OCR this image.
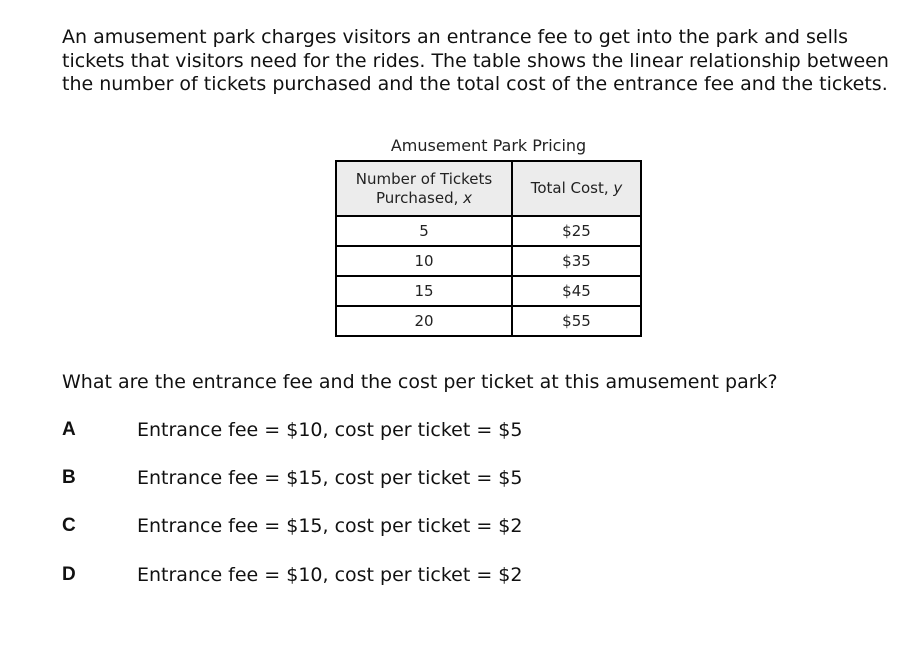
An amusement park charges visitors an entrance fee to get into the park and sells tickets that visitors need for the rides. The table shows the linear relationship between the number of tickets purchased and the total cost of the entrance fee and the tickets.

Amusement Park Pricing
Number of Tickets
Purchased, x	Total Cost, y
5	$25
10	$35
15	$45
20	$55

What are the entrance fee and the cost per ticket at this amusement park?

A	Entrance fee = $10, cost per ticket = $5
B	Entrance fee = $15, cost per ticket = $5
C	Entrance fee = $15, cost per ticket = $2
D	Entrance fee = $10, cost per ticket = $2
